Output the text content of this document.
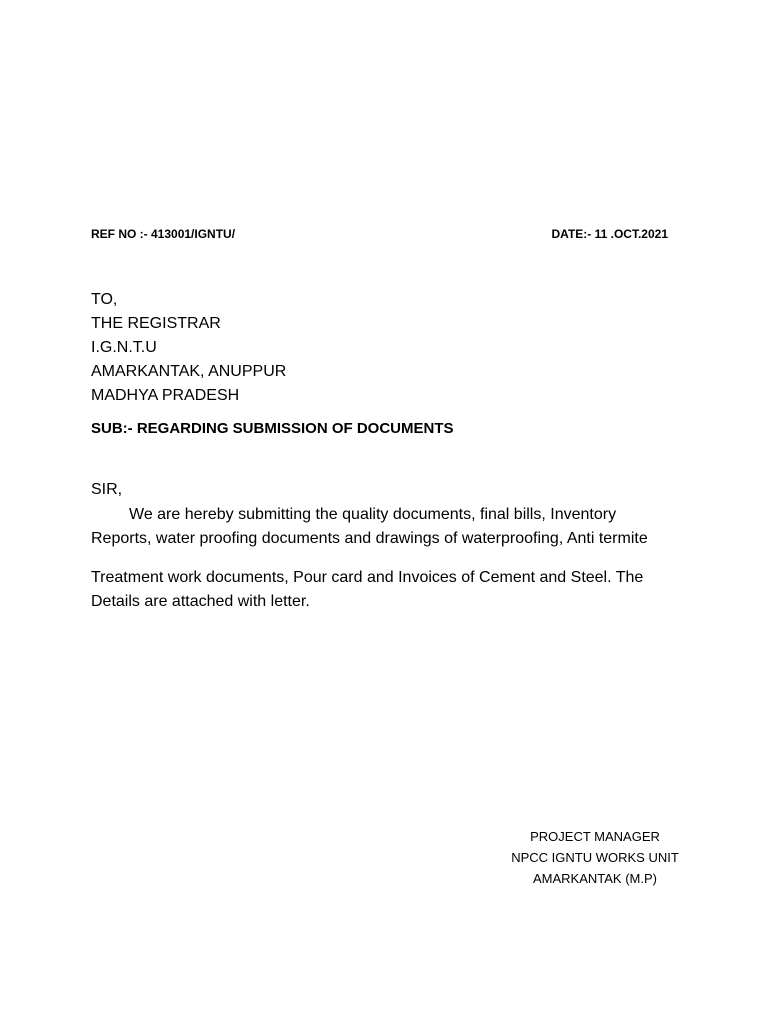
REF NO :- 413001/IGNTU/	DATE:- 11 .OCT.2021
TO,
THE REGISTRAR
I.G.N.T.U
AMARKANTAK, ANUPPUR
MADHYA PRADESH
SUB:- REGARDING SUBMISSION OF DOCUMENTS
SIR,
We are hereby submitting the quality documents, final bills, Inventory
Reports, water proofing documents and drawings of waterproofing, Anti termite
Treatment work documents, Pour card and Invoices of Cement and Steel. The
Details are attached with letter.
PROJECT MANAGER
NPCC IGNTU WORKS UNIT
AMARKANTAK (M.P)
